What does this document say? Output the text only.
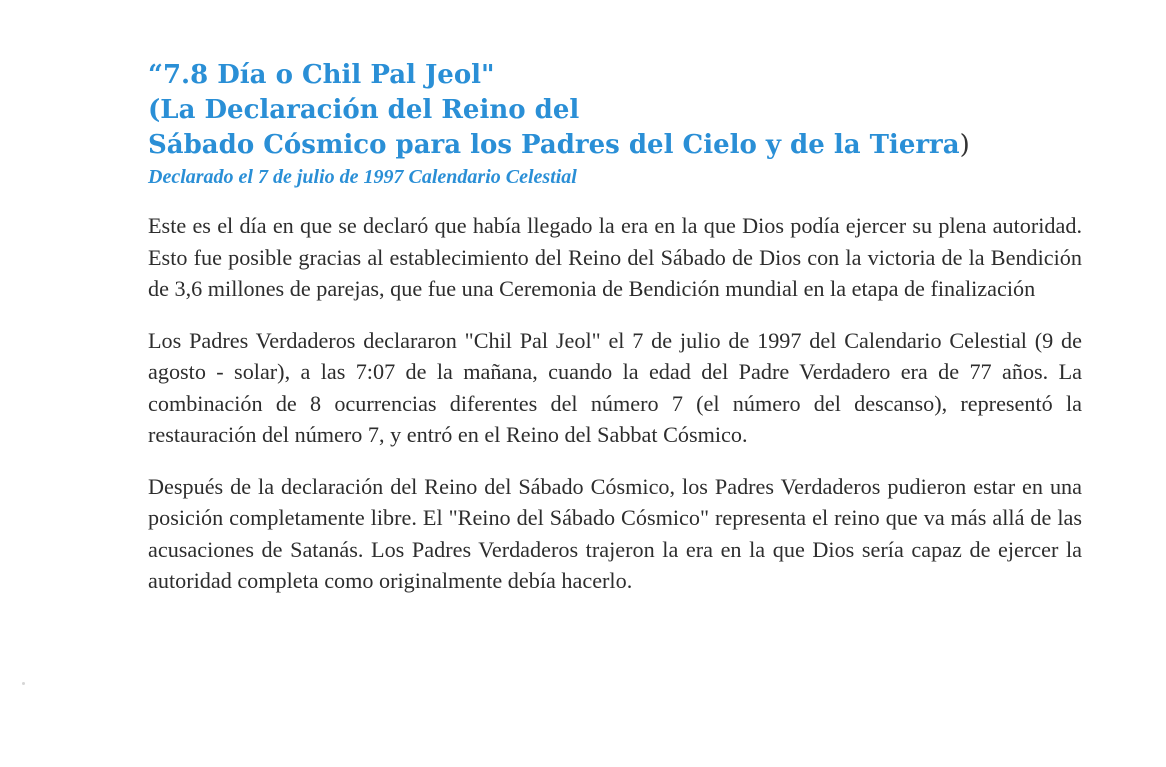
“7.8 Día o Chil Pal Jeol"
(La Declaración del Reino del
Sábado Cósmico para los Padres del Cielo y de la Tierra)

Declarado el 7 de julio de 1997 Calendario Celestial

Este es el día en que se declaró que había llegado la era en la que Dios podía ejercer su plena autoridad. Esto fue posible gracias al establecimiento del Reino del Sábado de Dios con la victoria de la Bendición de 3,6 millones de parejas, que fue una Ceremonia de Bendición mundial en la etapa de finalización

Los Padres Verdaderos declararon "Chil Pal Jeol" el 7 de julio de 1997 del Calendario Celestial (9 de agosto - solar), a las 7:07 de la mañana, cuando la edad del Padre Verdadero era de 77 años. La combinación de 8 ocurrencias diferentes del número 7 (el número del descanso), representó la restauración del número 7, y entró en el Reino del Sabbat Cósmico.

Después de la declaración del Reino del Sábado Cósmico, los Padres Verdaderos pudieron estar en una posición completamente libre. El "Reino del Sábado Cósmico" representa el reino que va más allá de las acusaciones de Satanás. Los Padres Verdaderos trajeron la era en la que Dios sería capaz de ejercer la autoridad completa como originalmente debía hacerlo.
